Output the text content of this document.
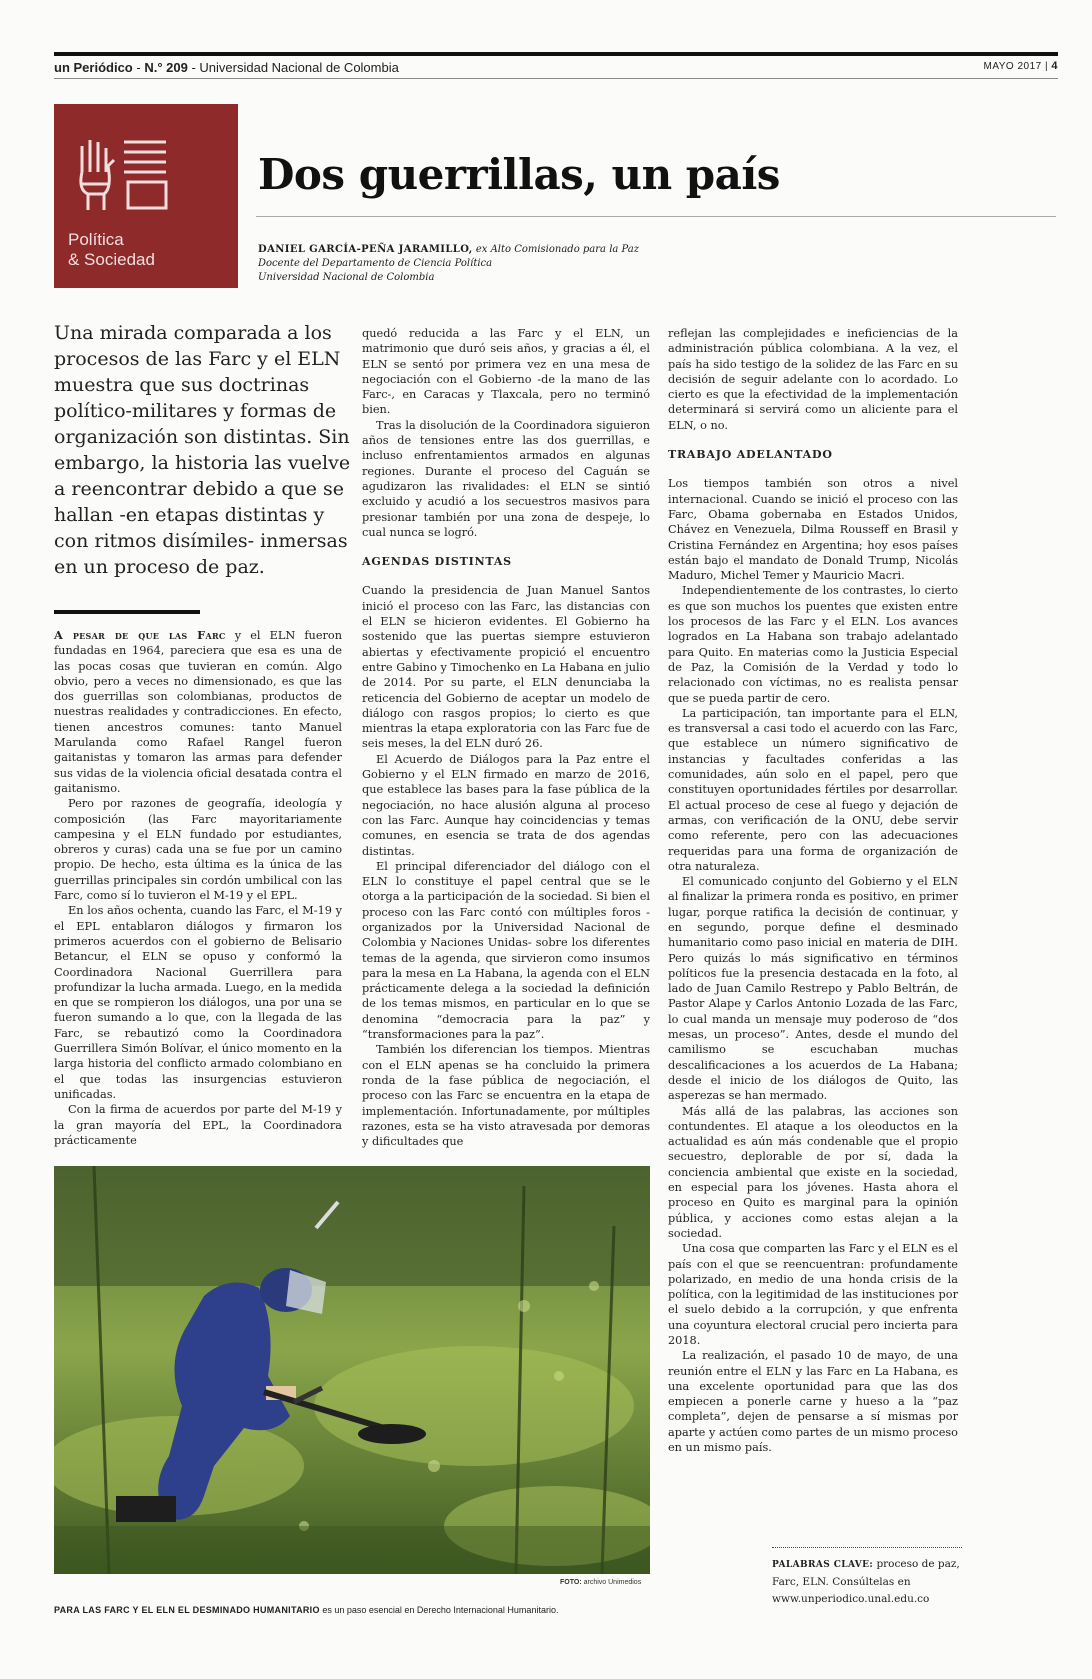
un Periódico - N.° 209 - Universidad Nacional de Colombia	MAYO 2017 | 4
Política
& Sociedad
Dos guerrillas, un país
DANIEL GARCÍA-PEÑA JARAMILLO, ex Alto Comisionado para la Paz
Docente del Departamento de Ciencia Política
Universidad Nacional de Colombia
Una mirada comparada a los procesos de las Farc y el ELN muestra que sus doctrinas político-militares y formas de organización son distintas. Sin embargo, la historia las vuelve a reencontrar debido a que se hallan -en etapas distintas y con ritmos disímiles- inmersas en un proceso de paz.

A pesar de que las Farc y el ELN fueron fundadas en 1964, pareciera que esa es una de las pocas cosas que tuvieran en común. Algo obvio, pero a veces no dimensionado, es que las dos guerrillas son colombianas, productos de nuestras realidades y contradicciones. En efecto, tienen ancestros comunes: tanto Manuel Marulanda como Rafael Rangel fueron gaitanistas y tomaron las armas para defender sus vidas de la violencia oficial desatada contra el gaitanismo.

Pero por razones de geografía, ideología y composición (las Farc mayoritariamente campesina y el ELN fundado por estudiantes, obreros y curas) cada una se fue por un camino propio. De hecho, esta última es la única de las guerrillas principales sin cordón umbilical con las Farc, como sí lo tuvieron el M-19 y el EPL.

En los años ochenta, cuando las Farc, el M-19 y el EPL entablaron diálogos y firmaron los primeros acuerdos con el gobierno de Belisario Betancur, el ELN se opuso y conformó la Coordinadora Nacional Guerrillera para profundizar la lucha armada. Luego, en la medida en que se rompieron los diálogos, una por una se fueron sumando a lo que, con la llegada de las Farc, se rebautizó como la Coordinadora Guerrillera Simón Bolívar, el único momento en la larga historia del conflicto armado colombiano en el que todas las insurgencias estuvieron unificadas.

Con la firma de acuerdos por parte del M-19 y la gran mayoría del EPL, la Coordinadora prácticamente

quedó reducida a las Farc y el ELN, un matrimonio que duró seis años, y gracias a él, el ELN se sentó por primera vez en una mesa de negociación con el Gobierno -de la mano de las Farc-, en Caracas y Tlaxcala, pero no terminó bien.

Tras la disolución de la Coordinadora siguieron años de tensiones entre las dos guerrillas, e incluso enfrentamientos armados en algunas regiones. Durante el proceso del Caguán se agudizaron las rivalidades: el ELN se sintió excluido y acudió a los secuestros masivos para presionar también por una zona de despeje, lo cual nunca se logró.

AGENDAS DISTINTAS

Cuando la presidencia de Juan Manuel Santos inició el proceso con las Farc, las distancias con el ELN se hicieron evidentes. El Gobierno ha sostenido que las puertas siempre estuvieron abiertas y efectivamente propició el encuentro entre Gabino y Timochenko en La Habana en julio de 2014. Por su parte, el ELN denunciaba la reticencia del Gobierno de aceptar un modelo de diálogo con rasgos propios; lo cierto es que mientras la etapa exploratoria con las Farc fue de seis meses, la del ELN duró 26.

El Acuerdo de Diálogos para la Paz entre el Gobierno y el ELN firmado en marzo de 2016, que establece las bases para la fase pública de la negociación, no hace alusión alguna al proceso con las Farc. Aunque hay coincidencias y temas comunes, en esencia se trata de dos agendas distintas.

El principal diferenciador del diálogo con el ELN lo constituye el papel central que se le otorga a la participación de la sociedad. Si bien el proceso con las Farc contó con múltiples foros -organizados por la Universidad Nacional de Colombia y Naciones Unidas- sobre los diferentes temas de la agenda, que sirvieron como insumos para la mesa en La Habana, la agenda con el ELN prácticamente delega a la sociedad la definición de los temas mismos, en particular en lo que se denomina “democracia para la paz” y “transformaciones para la paz”.

También los diferencian los tiempos. Mientras con el ELN apenas se ha concluido la primera ronda de la fase pública de negociación, el proceso con las Farc se encuentra en la etapa de implementación. Infortunadamente, por múltiples razones, esta se ha visto atravesada por demoras y dificultades que

reflejan las complejidades e ineficiencias de la administración pública colombiana. A la vez, el país ha sido testigo de la solidez de las Farc en su decisión de seguir adelante con lo acordado. Lo cierto es que la efectividad de la implementación determinará si servirá como un aliciente para el ELN, o no.

TRABAJO ADELANTADO

Los tiempos también son otros a nivel internacional. Cuando se inició el proceso con las Farc, Obama gobernaba en Estados Unidos, Chávez en Venezuela, Dilma Rousseff en Brasil y Cristina Fernández en Argentina; hoy esos países están bajo el mandato de Donald Trump, Nicolás Maduro, Michel Temer y Mauricio Macri.

Independientemente de los contrastes, lo cierto es que son muchos los puentes que existen entre los procesos de las Farc y el ELN. Los avances logrados en La Habana son trabajo adelantado para Quito. En materias como la Justicia Especial de Paz, la Comisión de la Verdad y todo lo relacionado con víctimas, no es realista pensar que se pueda partir de cero.

La participación, tan importante para el ELN, es transversal a casi todo el acuerdo con las Farc, que establece un número significativo de instancias y facultades conferidas a las comunidades, aún solo en el papel, pero que constituyen oportunidades fértiles por desarrollar. El actual proceso de cese al fuego y dejación de armas, con verificación de la ONU, debe servir como referente, pero con las adecuaciones requeridas para una forma de organización de otra naturaleza.

El comunicado conjunto del Gobierno y el ELN al finalizar la primera ronda es positivo, en primer lugar, porque ratifica la decisión de continuar, y en segundo, porque define el desminado humanitario como paso inicial en materia de DIH. Pero quizás lo más significativo en términos políticos fue la presencia destacada en la foto, al lado de Juan Camilo Restrepo y Pablo Beltrán, de Pastor Alape y Carlos Antonio Lozada de las Farc, lo cual manda un mensaje muy poderoso de “dos mesas, un proceso”. Antes, desde el mundo del camilismo se escuchaban muchas descalificaciones a los acuerdos de La Habana; desde el inicio de los diálogos de Quito, las asperezas se han mermado.

Más allá de las palabras, las acciones son contundentes. El ataque a los oleoductos en la actualidad es aún más condenable que el propio secuestro, deplorable de por sí, dada la conciencia ambiental que existe en la sociedad, en especial para los jóvenes. Hasta ahora el proceso en Quito es marginal para la opinión pública, y acciones como estas alejan a la sociedad.

Una cosa que comparten las Farc y el ELN es el país con el que se reencuentran: profundamente polarizado, en medio de una honda crisis de la política, con la legitimidad de las instituciones por el suelo debido a la corrupción, y que enfrenta una coyuntura electoral crucial pero incierta para 2018.

La realización, el pasado 10 de mayo, de una reunión entre el ELN y las Farc en La Habana, es una excelente oportunidad para que las dos empiecen a ponerle carne y hueso a la “paz completa”, dejen de pensarse a sí mismas por aparte y actúen como partes de un mismo proceso en un mismo país.

FOTO: archivo Unimedios
PARA LAS FARC Y EL ELN EL DESMINADO HUMANITARIO es un paso esencial en Derecho Internacional Humanitario.
PALABRAS CLAVE: proceso de paz, Farc, ELN. Consúltelas en www.unperiodico.unal.edu.co
